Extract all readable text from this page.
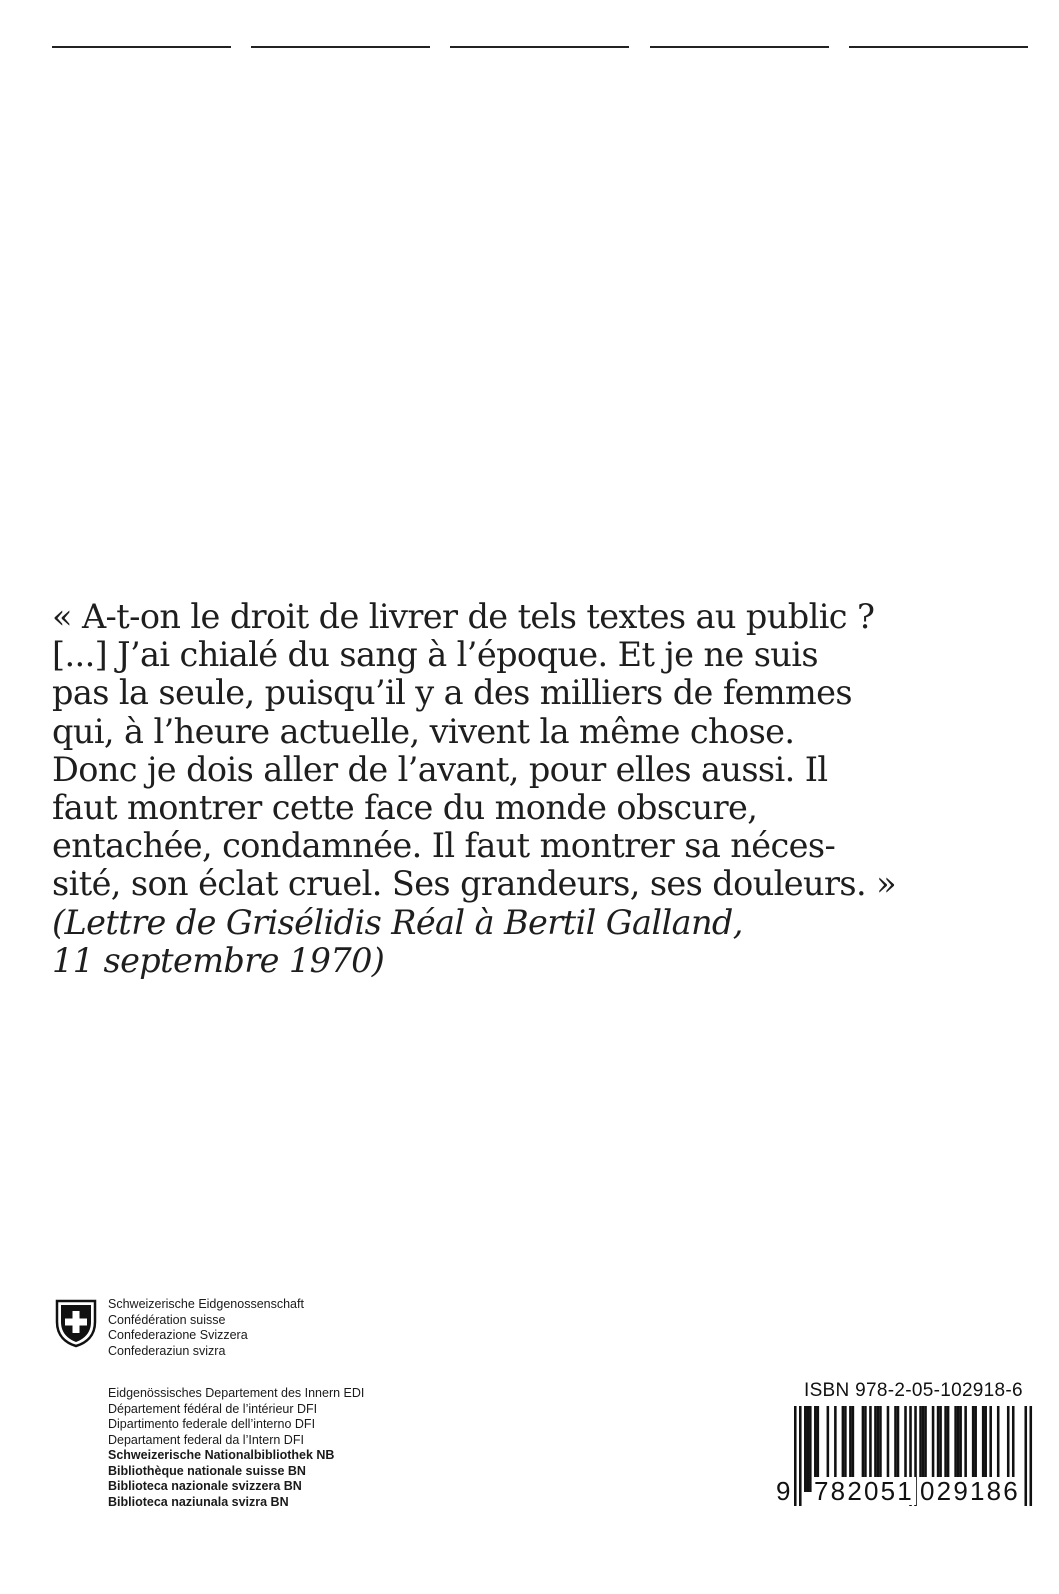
« A-t-on le droit de livrer de tels textes au public ?
[...] J’ai chialé du sang à l’époque. Et je ne suis
pas la seule, puisqu’il y a des milliers de femmes
qui, à l’heure actuelle, vivent la même chose.
Donc je dois aller de l’avant, pour elles aussi. Il
faut montrer cette face du monde obscure,
entachée, condamnée. Il faut montrer sa néces-
sité, son éclat cruel. Ses grandeurs, ses douleurs. »
(Lettre de Grisélidis Réal à Bertil Galland,
11 septembre 1970)
Schweizerische Eidgenossenschaft
Confédération suisse
Confederazione Svizzera
Confederaziun svizra
Eidgenössisches Departement des Innern EDI
Département fédéral de l’intérieur DFI
Dipartimento federale dell’interno DFI
Departament federal da l’Intern DFI
Schweizerische Nationalbibliothek NB
Bibliothèque nationale suisse BN
Biblioteca nazionale svizzera BN
Biblioteca naziunala svizra BN
ISBN 978-2-05-102918-6
9 782051 029186
